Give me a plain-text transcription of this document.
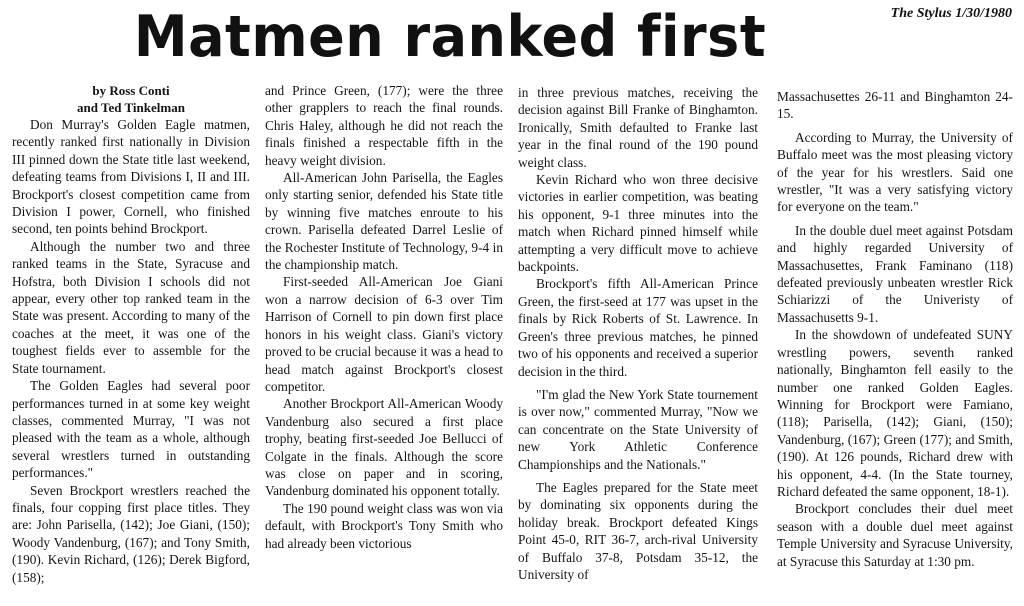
The Stylus 1/30/1980
Matmen ranked first
by Ross Conti
and Ted Tinkelman

Don Murray's Golden Eagle matmen, recently ranked first nationally in Division III pinned down the State title last weekend, defeating teams from Divisions I, II and III. Brockport's closest competition came from Division I power, Cornell, who finished second, ten points behind Brockport.

Although the number two and three ranked teams in the State, Syracuse and Hofstra, both Division I schools did not appear, every other top ranked team in the State was present. According to many of the coaches at the meet, it was one of the toughest fields ever to assemble for the State tournament.

The Golden Eagles had several poor performances turned in at some key weight classes, commented Murray, "I was not pleased with the team as a whole, although several wrestlers turned in outstanding performances."

Seven Brockport wrestlers reached the finals, four copping first place titles. They are: John Parisella, (142); Joe Giani, (150); Woody Vandenburg, (167); and Tony Smith, (190). Kevin Richard, (126); Derek Bigford, (158);

and Prince Green, (177); were the three other grapplers to reach the final rounds. Chris Haley, although he did not reach the finals finished a respectable fifth in the heavy weight division.

All-American John Parisella, the Eagles only starting senior, defended his State title by winning five matches enroute to his crown. Parisella defeated Darrel Leslie of the Rochester Institute of Technology, 9-4 in the championship match.

First-seeded All-American Joe Giani won a narrow decision of 6-3 over Tim Harrison of Cornell to pin down first place honors in his weight class. Giani's victory proved to be crucial because it was a head to head match against Brockport's closest competitor.

Another Brockport All-American Woody Vandenburg also secured a first place trophy, beating first-seeded Joe Bellucci of Colgate in the finals. Although the score was close on paper and in scoring, Vandenburg dominated his opponent totally.

The 190 pound weight class was won via default, with Brockport's Tony Smith who had already been victorious

in three previous matches, receiving the decision against Bill Franke of Binghamton. Ironically, Smith defaulted to Franke last year in the final round of the 190 pound weight class.

Kevin Richard who won three decisive victories in earlier competition, was beating his opponent, 9-1 three minutes into the match when Richard pinned himself while attempting a very difficult move to achieve backpoints.

Brockport's fifth All-American Prince Green, the first-seed at 177 was upset in the finals by Rick Roberts of St. Lawrence. In Green's three previous matches, he pinned two of his opponents and received a superior decision in the third.

"I'm glad the New York State tournement is over now," commented Murray, "Now we can concentrate on the State University of new York Athletic Conference Championships and the Nationals."

The Eagles prepared for the State meet by dominating six opponents during the holiday break. Brockport defeated Kings Point 45-0, RIT 36-7, arch-rival University of Buffalo 37-8, Potsdam 35-12, the University of

Massachusettes 26-11 and Binghamton 24-15.

According to Murray, the University of Buffalo meet was the most pleasing victory of the year for his wrestlers. Said one wrestler, "It was a very satisfying victory for everyone on the team."

In the double duel meet against Potsdam and highly regarded University of Massachusettes, Frank Faminano (118) defeated previously unbeaten wrestler Rick Schiarizzi of the Univeristy of Massachusetts 9-1.

In the showdown of undefeated SUNY wrestling powers, seventh ranked nationally, Binghamton fell easily to the number one ranked Golden Eagles. Winning for Brockport were Famiano, (118); Parisella, (142); Giani, (150); Vandenburg, (167); Green (177); and Smith, (190). At 126 pounds, Richard drew with his opponent, 4-4. (In the State tourney, Richard defeated the same opponent, 18-1).

Brockport concludes their duel meet season with a double duel meet against Temple University and Syracuse University, at Syracuse this Saturday at 1:30 pm.
